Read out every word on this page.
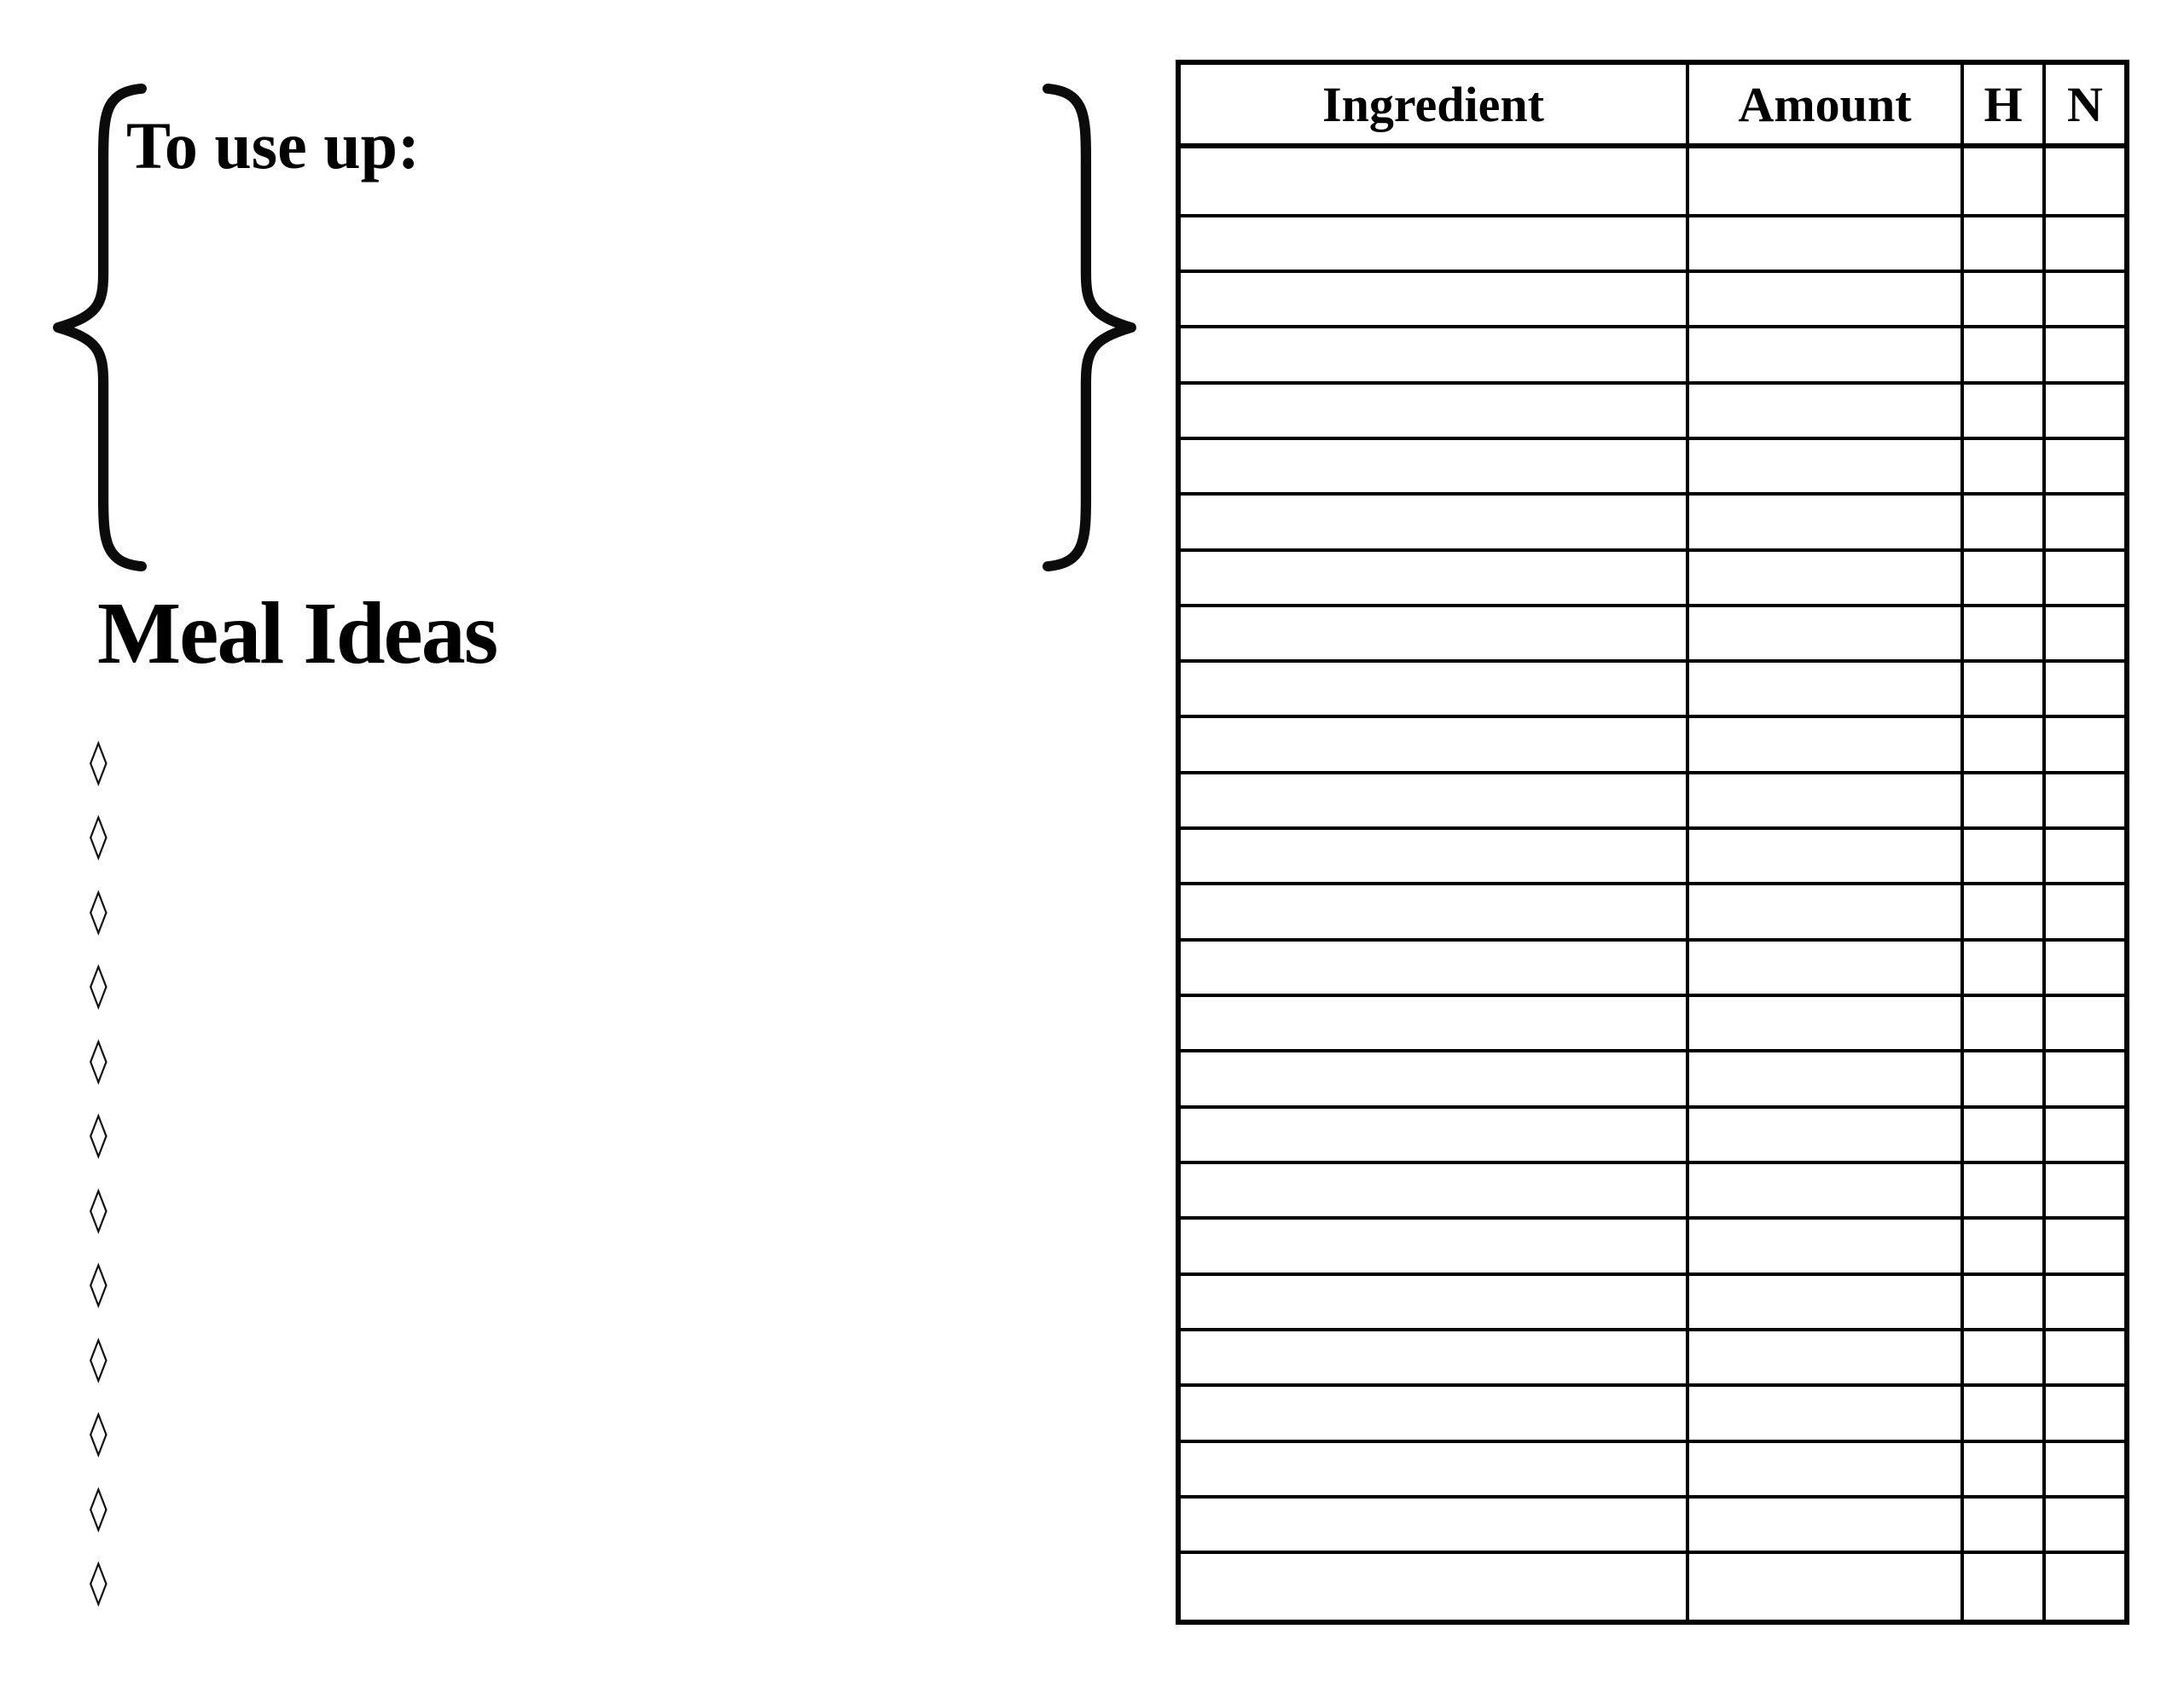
To use up:
Meal Ideas
◊
◊
◊
◊
◊
◊
◊
◊
◊
◊
◊
◊
Ingredient	Amount	H	N
